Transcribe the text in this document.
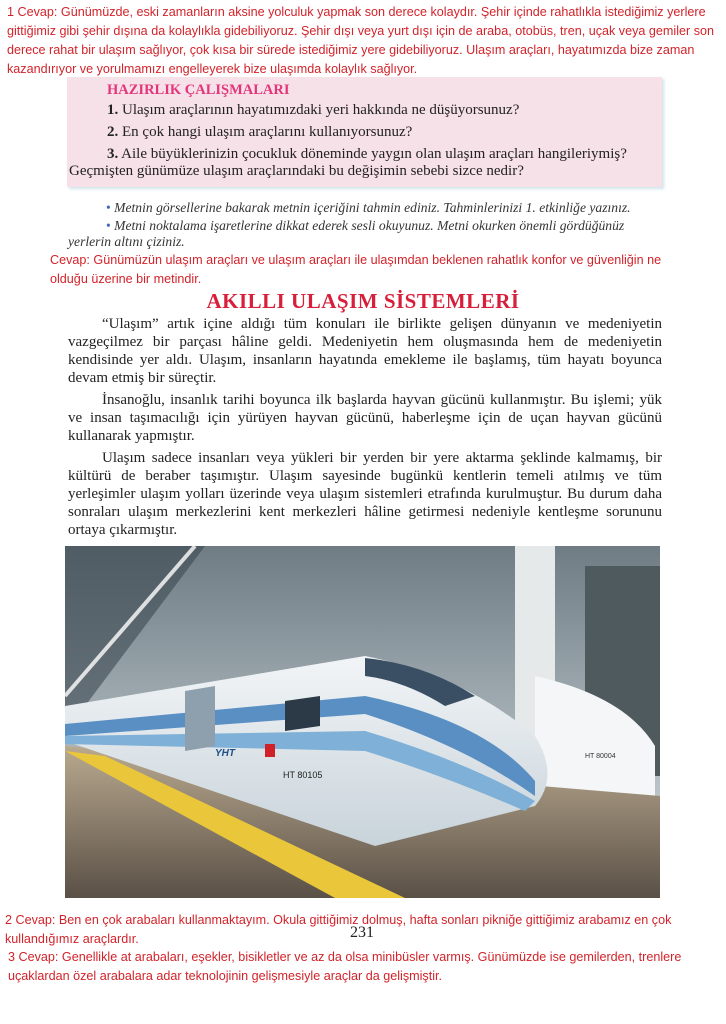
1 Cevap: Günümüzde, eski zamanların aksine yolculuk yapmak son derece kolaydır. Şehir içinde rahatlıkla istediğimiz yerlere gittiğimiz gibi şehir dışına da kolaylıkla gidebiliyoruz. Şehir dışı veya yurt dışı için de araba, otobüs, tren, uçak veya gemiler son derece rahat bir ulaşım sağlıyor, çok kısa bir sürede istediğimiz yere gidebiliyoruz. Ulaşım araçları, hayatımızda bize zaman kazandırıyor ve yorulmamızı engelleyerek bize ulaşımda kolaylık sağlıyor.

HAZIRLIK ÇALIŞMALARI
1. Ulaşım araçlarının hayatımızdaki yeri hakkında ne düşüyorsunuz?
2. En çok hangi ulaşım araçlarını kullanıyorsunuz?
3. Aile büyüklerinizin çocukluk döneminde yaygın olan ulaşım araçları hangileriymiş?
Geçmişten günümüze ulaşım araçlarındaki bu değişimin sebebi sizce nedir?
• Metnin görsellerine bakarak metnin içeriğini tahmin ediniz. Tahminlerinizi 1. etkinliğe yazınız.
• Metni noktalama işaretlerine dikkat ederek sesli okuyunuz. Metni okurken önemli gördüğünüz
yerlerin altını çiziniz.

Cevap: Günümüzün ulaşım araçları ve ulaşım araçları ile ulaşımdan beklenen rahatlık konfor ve güvenliğin ne olduğu üzerine bir metindir.

AKILLI ULAŞIM SİSTEMLERİ

“Ulaşım” artık içine aldığı tüm konuları ile birlikte gelişen dünyanın ve medeniyetin vazgeçilmez bir parçası hâline geldi. Medeniyetin hem oluşmasında hem de medeniyetin kendisinde yer aldı. Ulaşım, insanların hayatında emekleme ile başlamış, tüm hayatı boyunca devam etmiş bir süreçtir.

İnsanoğlu, insanlık tarihi boyunca ilk başlarda hayvan gücünü kullanmıştır. Bu işlemi; yük ve insan taşımacılığı için yürüyen hayvan gücünü, haberleşme için de uçan hayvan gücünü kullanarak yapmıştır.

Ulaşım sadece insanları veya yükleri bir yerden bir yere aktarma şeklinde kalmamış, bir kültürü de beraber taşımıştır. Ulaşım sayesinde bugünkü kentlerin temeli atılmış ve tüm yerleşimler ulaşım yolları üzerinde veya ulaşım sistemleri etrafında kurulmuştur. Bu durum daha sonraları ulaşım merkezlerini kent merkezleri hâline getirmesi nedeniyle kentleşme sorununu ortaya çıkarmıştır.

YHT
HT 80105
HT 80004

2 Cevap: Ben en çok arabaları kullanmaktayım. Okula gittiğimiz dolmuş, hafta sonları pikniğe gittiğimiz arabamız en çok kullandığımız araçlardır.	231

3 Cevap: Genellikle at arabaları, eşekler, bisikletler ve az da olsa minibüsler varmış. Günümüzde ise gemilerden, trenlere uçaklardan özel arabalara adar teknolojinin gelişmesiyle araçlar da gelişmiştir.
